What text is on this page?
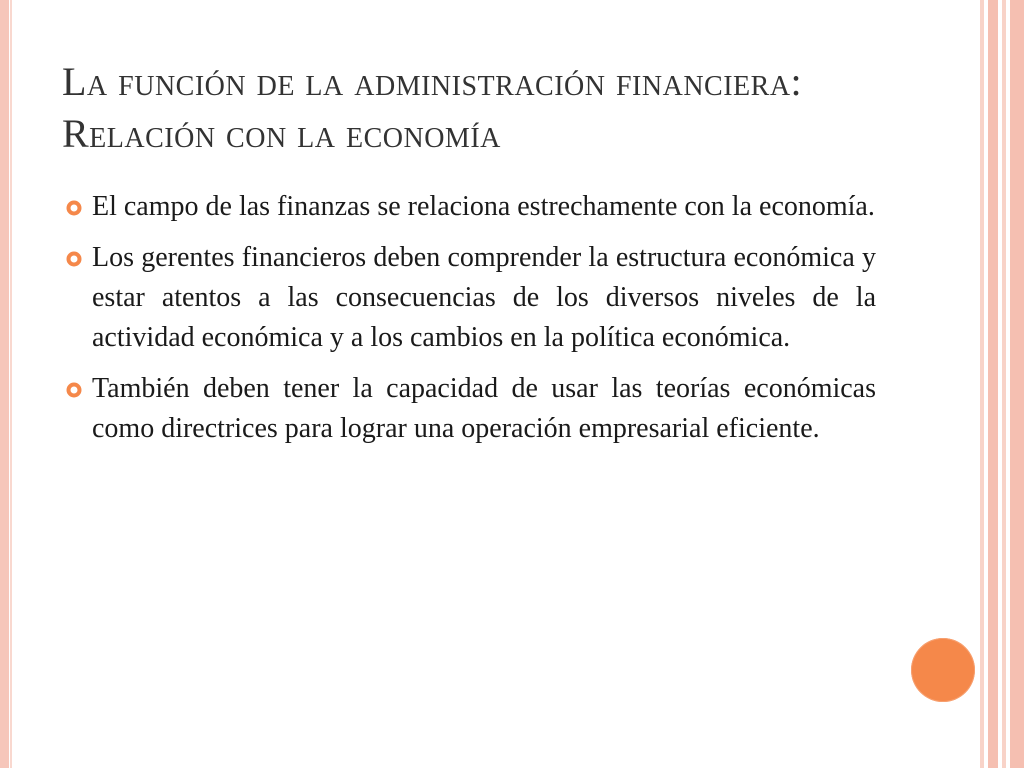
La función de la administración financiera: Relación con la economía
El campo de las finanzas se relaciona estrechamente con la economía.
Los gerentes financieros deben comprender la estructura económica y estar atentos a las consecuencias de los diversos niveles de la actividad económica y a los cambios en la política económica.
También deben tener la capacidad de usar las teorías económicas como directrices para lograr una operación empresarial eficiente.
